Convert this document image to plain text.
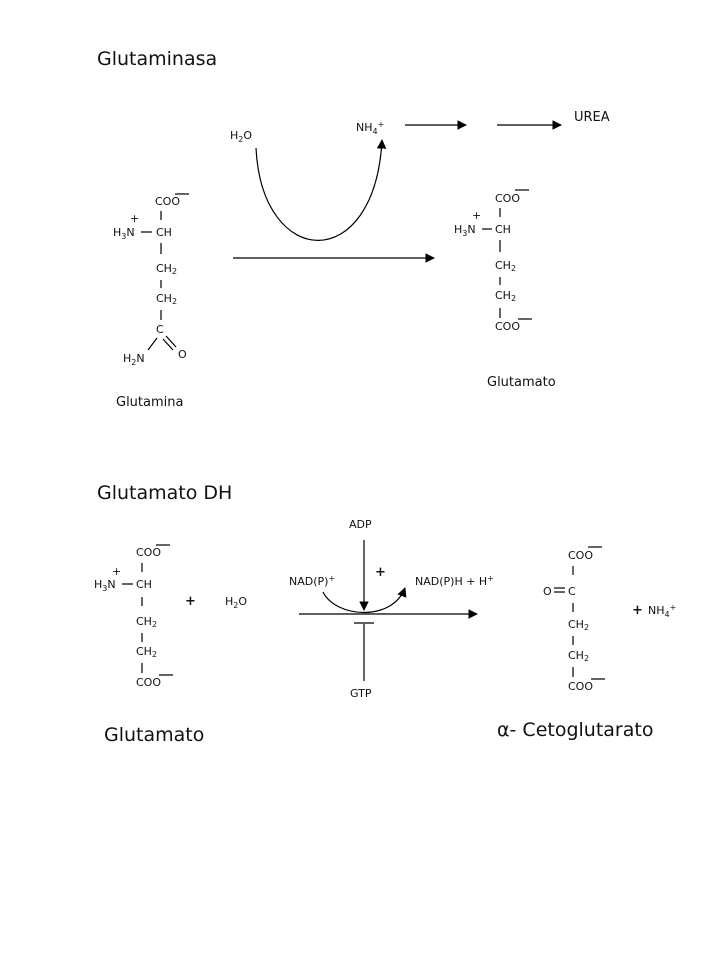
Glutaminasa
COO
+
$H_3N$ CH
CH2
CH2
C
$H_2N$	O
Glutamina
$H_2O$
$NH_4^+$	UREA
COO
+
$H_3N$ CH
CH2
CH2
COO
Glutamato
Glutamato DH
COO
+
$H_3N$ CH
CH2
CH2
COO
+	$H_2O$
Glutamato
ADP
+
GTP
NAD(P)+	NAD(P)H + H+
COO
O C
CH2
CH2
COO
+ $NH_4^+$
α- Cetoglutarato
